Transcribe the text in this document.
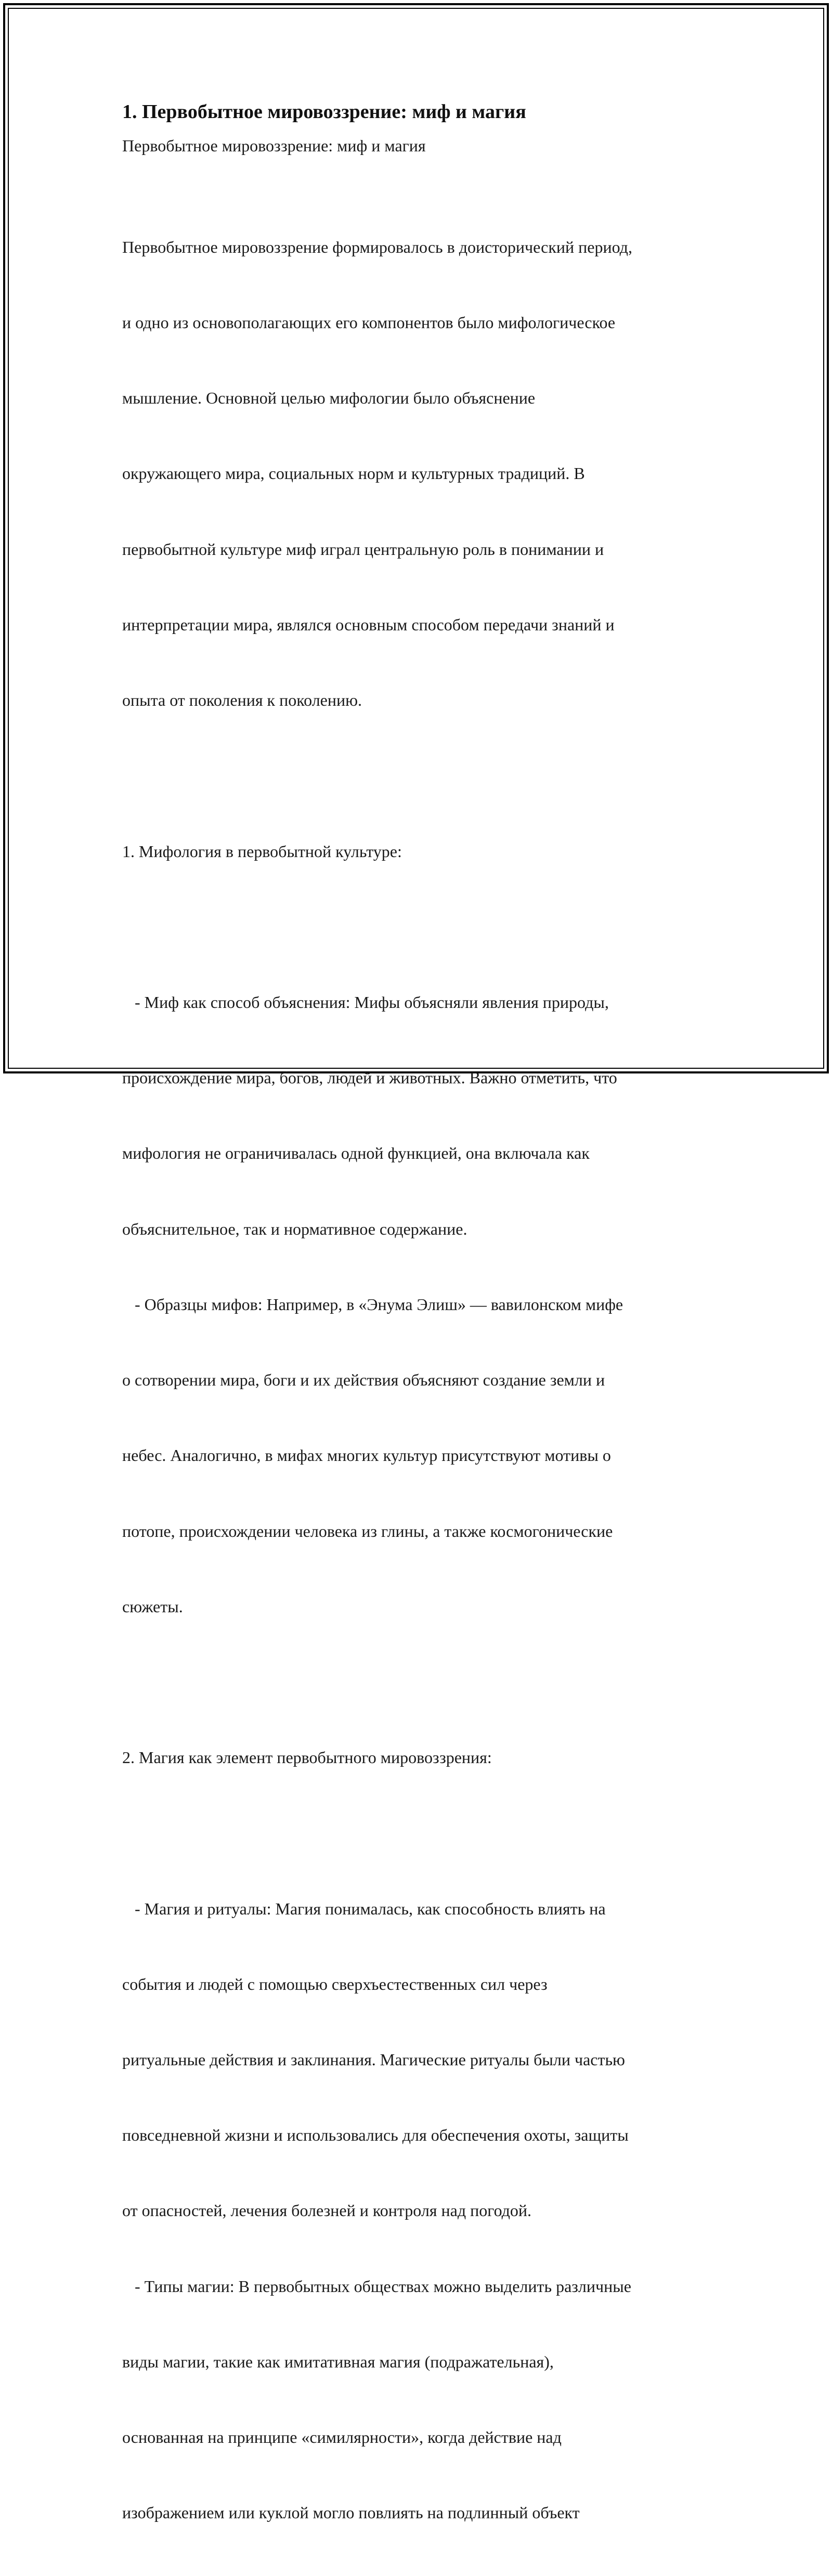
1. Первобытное мировоззрение: миф и магия

Первобытное мировоззрение: миф и магия

Первобытное мировоззрение формировалось в доисторический период,

и одно из основополагающих его компонентов было мифологическое

мышление. Основной целью мифологии было объяснение

окружающего мира, социальных норм и культурных традиций. В

первобытной культуре миф играл центральную роль в понимании и

интерпретации мира, являлся основным способом передачи знаний и

опыта от поколения к поколению.

1. Мифология в первобытной культуре:

- Миф как способ объяснения: Мифы объясняли явления природы,

происхождение мира, богов, людей и животных. Важно отметить, что

мифология не ограничивалась одной функцией, она включала как

объяснительное, так и нормативное содержание.

- Образцы мифов: Например, в «Энума Элиш» — вавилонском мифе

о сотворении мира, боги и их действия объясняют создание земли и

небес. Аналогично, в мифах многих культур присутствуют мотивы о

потопе, происхождении человека из глины, а также космогонические

сюжеты.

2. Магия как элемент первобытного мировоззрения:

- Магия и ритуалы: Магия понималась, как способность влиять на

события и людей с помощью сверхъестественных сил через

ритуальные действия и заклинания. Магические ритуалы были частью

повседневной жизни и использовались для обеспечения охоты, защиты

от опасностей, лечения болезней и контроля над погодой.

- Типы магии: В первобытных обществах можно выделить различные

виды магии, такие как имитативная магия (подражательная),

основанная на принципе «симилярности», когда действие над

изображением или куклой могло повлиять на подлинный объект
